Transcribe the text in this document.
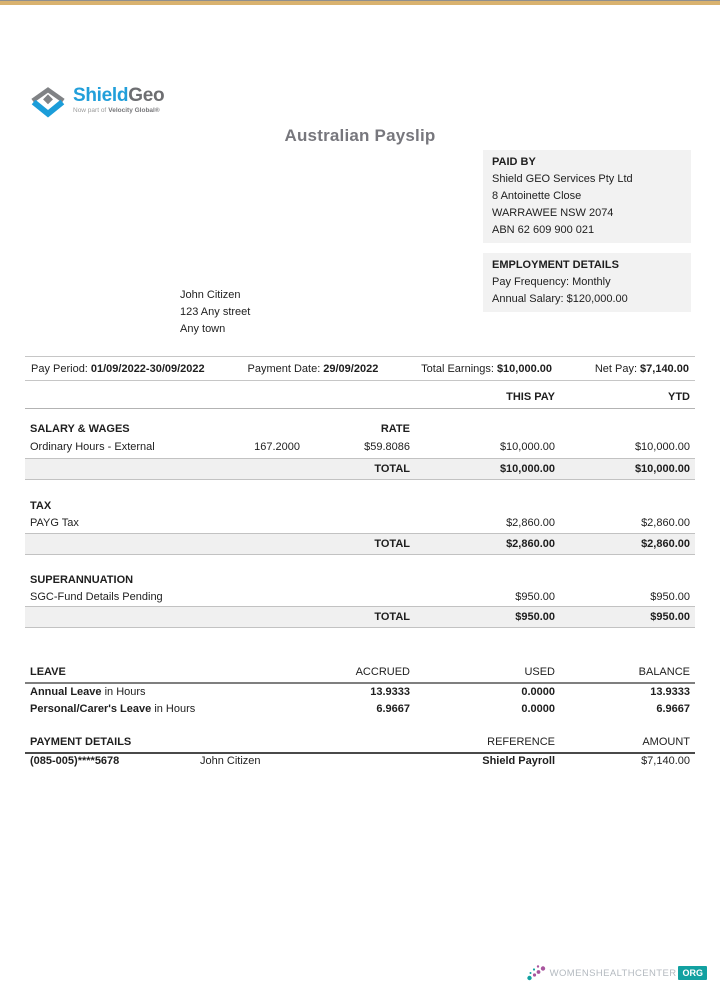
ShieldGeo
Now part of Velocity Global®
Australian Payslip
PAID BY
Shield GEO Services Pty Ltd
8 Antoinette Close
WARRAWEE NSW 2074
ABN 62 609 900 021
EMPLOYMENT DETAILS
Pay Frequency: Monthly
Annual Salary: $120,000.00
John Citizen
123 Any street
Any town
Pay Period: 01/09/2022-30/09/2022	Payment Date: 29/09/2022	Total Earnings: $10,000.00	Net Pay: $7,140.00
THIS PAY	YTD
SALARY & WAGES	RATE
Ordinary Hours - External	167.2000	$59.8086	$10,000.00	$10,000.00
TOTAL	$10,000.00	$10,000.00
TAX
PAYG Tax	$2,860.00	$2,860.00
TOTAL	$2,860.00	$2,860.00
SUPERANNUATION
SGC-Fund Details Pending	$950.00	$950.00
TOTAL	$950.00	$950.00
LEAVE	ACCRUED	USED	BALANCE
Annual Leave in Hours	13.9333	0.0000	13.9333
Personal/Carer's Leave in Hours	6.9667	0.0000	6.9667
PAYMENT DETAILS	REFERENCE	AMOUNT
(085-005)****5678	John Citizen	Shield Payroll	$7,140.00
WOMENSHEALTHCENTER ORG
